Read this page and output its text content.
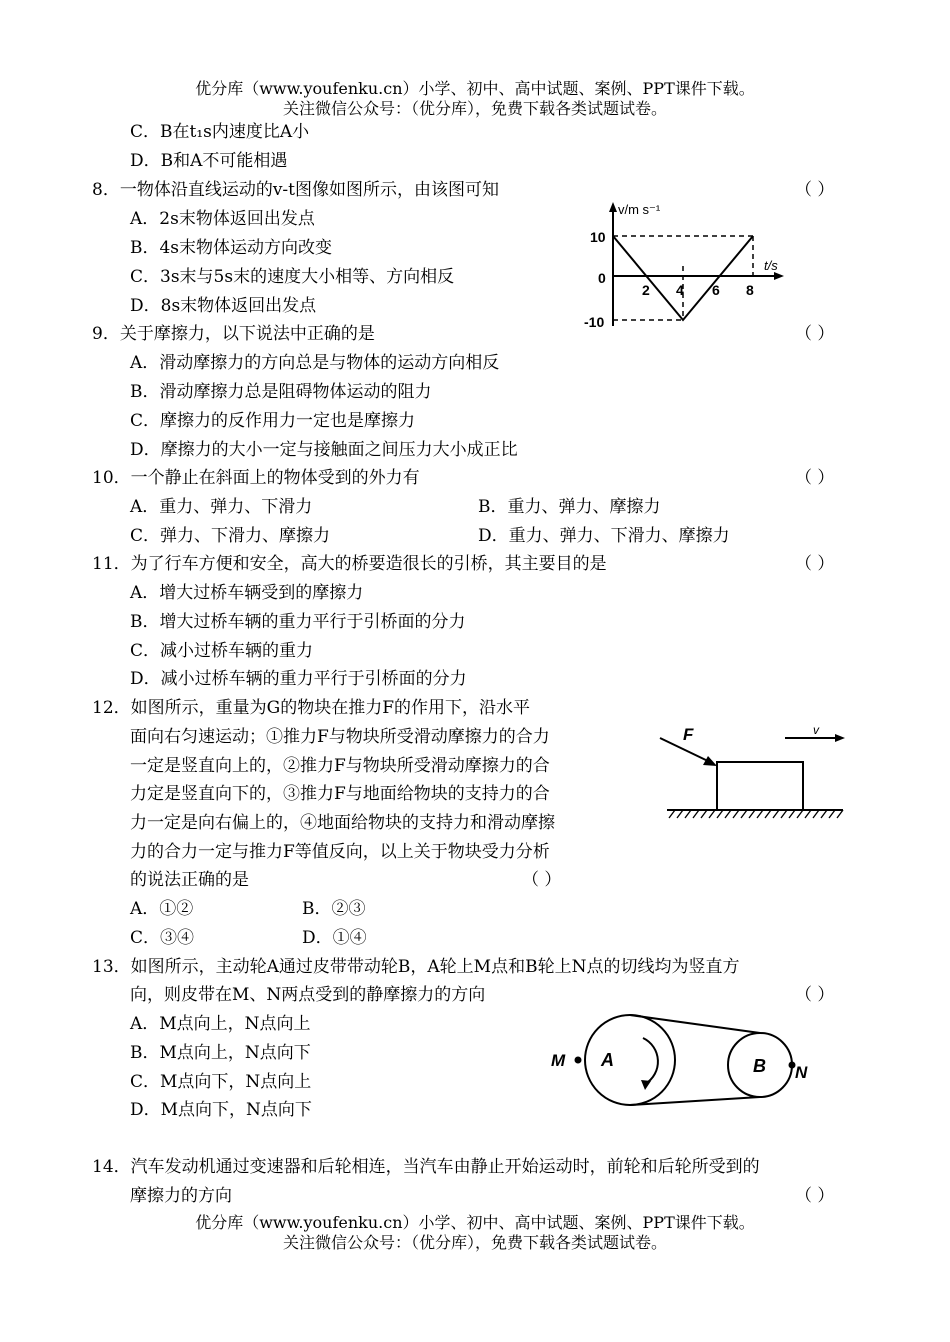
优分库（www.youfenku.cn）小学、初中、高中试题、案例、PPT课件下载。
关注微信公众号：（优分库），免费下载各类试题试卷。
C．B在t₁s内速度比A小
D．B和A不可能相遇
8．一物体沿直线运动的v-t图像如图所示，由该图可知	（ ）
A．2s末物体返回出发点
B．4s末物体运动方向改变
C．3s末与5s末的速度大小相等、方向相反
D．8s末物体返回出发点
v/m s⁻¹
t/s
10
0
-10
2 4 6 8
9．关于摩擦力，以下说法中正确的是	（ ）
A．滑动摩擦力的方向总是与物体的运动方向相反
B．滑动摩擦力总是阻碍物体运动的阻力
C．摩擦力的反作用力一定也是摩擦力
D．摩擦力的大小一定与接触面之间压力大小成正比
10．一个静止在斜面上的物体受到的外力有	（ ）
A．重力、弹力、下滑力	B．重力、弹力、摩擦力
C．弹力、下滑力、摩擦力	D．重力、弹力、下滑力、摩擦力
11．为了行车方便和安全，高大的桥要造很长的引桥，其主要目的是	（ ）
A．增大过桥车辆受到的摩擦力
B．增大过桥车辆的重力平行于引桥面的分力
C．减小过桥车辆的重力
D．减小过桥车辆的重力平行于引桥面的分力
12．如图所示，重量为G的物块在推力F的作用下，沿水平
面向右匀速运动；①推力F与物块所受滑动摩擦力的合力
一定是竖直向上的，②推力F与物块所受滑动摩擦力的合
力定是竖直向下的，③推力F与地面给物块的支持力的合
力一定是向右偏上的，④地面给物块的支持力和滑动摩擦
力的合力一定与推力F等值反向，以上关于物块受力分析
的说法正确的是	（ ）
A．①②	B．②③
C．③④	D．①④
F	v
13．如图所示，主动轮A通过皮带带动轮B，A轮上M点和B轮上N点的切线均为竖直方
向，则皮带在M、N两点受到的静摩擦力的方向	（ ）
A．M点向上，N点向上
B．M点向上，N点向下
C．M点向下，N点向上
D．M点向下，N点向下
A	B
M
N
14．汽车发动机通过变速器和后轮相连，当汽车由静止开始运动时，前轮和后轮所受到的
摩擦力的方向	（ ）
优分库（www.youfenku.cn）小学、初中、高中试题、案例、PPT课件下载。
关注微信公众号：（优分库），免费下载各类试题试卷。
